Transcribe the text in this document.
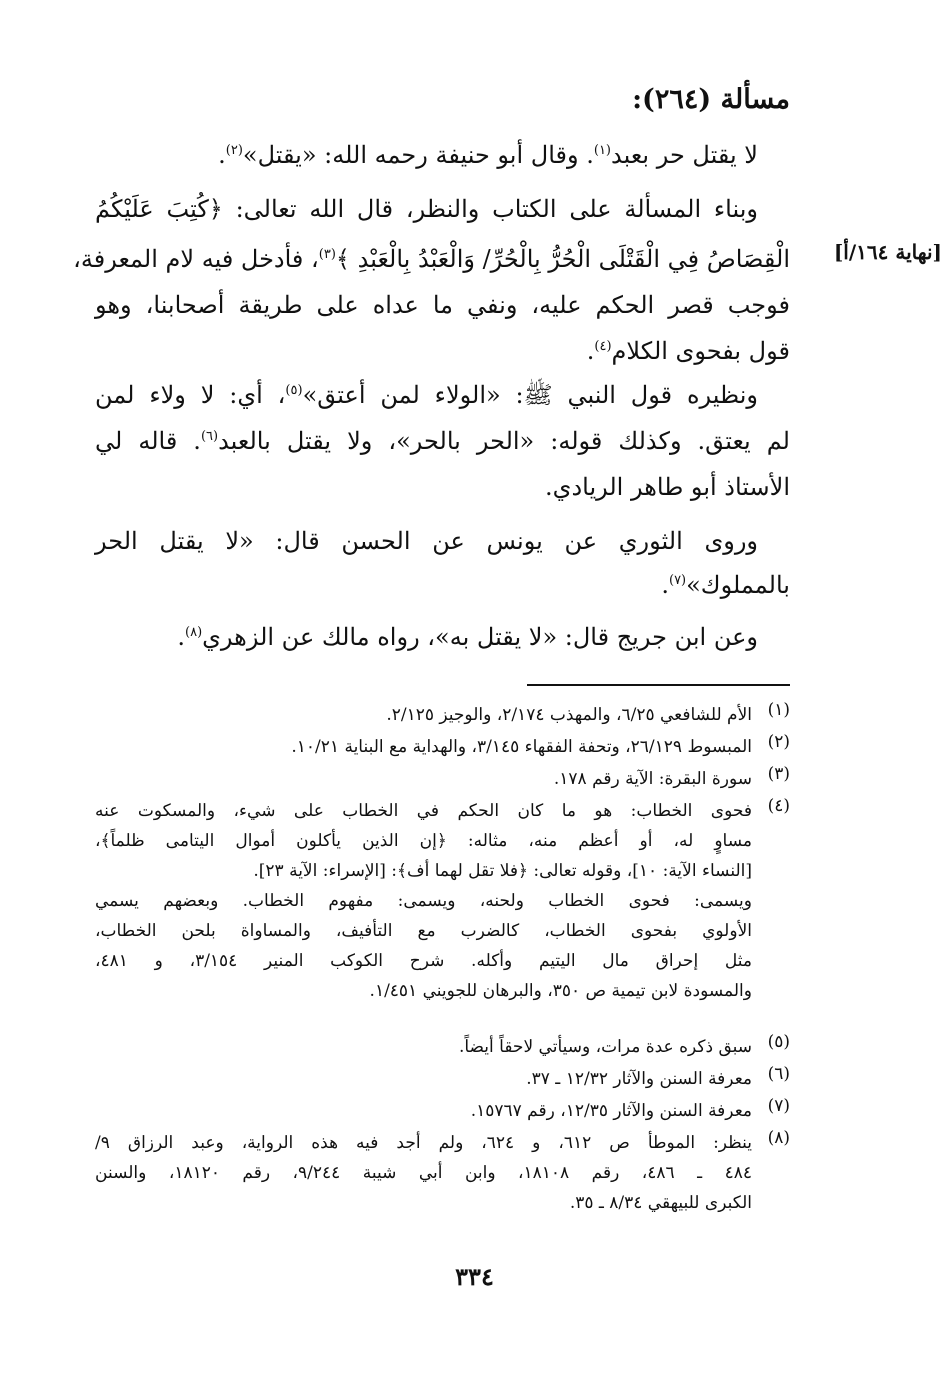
مسألة (٢٦٤):
[نهاية ١٦٤/أ]
لا يقتل حر بعبد$^{(١)}$. وقال أبو حنيفة رحمه الله: «يقتل»$^{(٢)}$.
وبناء المسألة على الكتاب والنظر، قال الله تعالى: ﴿كُتِبَ عَلَيْكُمُ
الْقِصَاصُ فِي الْقَتْلَى الْحُرُّ بِالْحُرِّ/ وَالْعَبْدُ بِالْعَبْدِ ﴾$^{(٣)}$، فأدخل فيه لام المعرفة،
فوجب قصر الحكم عليه، ونفي ما عداه على طريقة أصحابنا، وهو
قول بفحوى الكلام$^{(٤)}$.
ونظيره قول النبي ﷺ: «الولاء لمن أعتق»$^{(٥)}$، أي: لا ولاء لمن
لم يعتق. وكذلك قوله: «الحر بالحر»، ولا يقتل بالعبد$^{(٦)}$. قاله لي
الأستاذ أبو طاهر الريادي.
وروى الثوري عن يونس عن الحسن قال: «لا يقتل الحر
بالمملوك»$^{(٧)}$.
وعن ابن جريج قال: «لا يقتل به»، رواه مالك عن الزهري$^{(٨)}$.
(١)
الأم للشافعي ٦/٢٥، والمهذب ٢/١٧٤، والوجيز ٢/١٢٥.
(٢)
المبسوط ٢٦/١٢٩، وتحفة الفقهاء ٣/١٤٥، والهداية مع البناية ١٠/٢١.
(٣)
سورة البقرة: الآية رقم ١٧٨.
(٤)
فحوى الخطاب: هو ما كان الحكم في الخطاب على شيء، والمسكوت عنه
مساوٍ له، أو أعظم منه، مثاله: ﴿إن الذين يأكلون أموال اليتامى ظلماً﴾،
[النساء الآية: ١٠]، وقوله تعالى: ﴿فلا تقل لهما أف﴾: [الإسراء: الآية ٢٣].
ويسمى: فحوى الخطاب ولحنه، ويسمى: مفهوم الخطاب. وبعضهم يسمي
الأولوي بفحوى الخطاب، كالضرب مع التأفيف، والمساواة بلحن الخطاب،
مثل إحراق مال اليتيم وأكله. شرح الكوكب المنير ٣/١٥٤، و ٤٨١،
والمسودة لابن تيمية ص ٣٥٠، والبرهان للجويني ١/٤٥١.
(٥)
سبق ذكره عدة مرات، وسيأتي لاحقاً أيضاً.
(٦)
معرفة السنن والآثار ١٢/٣٢ ـ ٣٧.
(٧)
معرفة السنن والآثار ١٢/٣٥، رقم ١٥٧٦٧.
(٨)
ينظر: الموطأ ص ٦١٢، و ٦٢٤، ولم أجد فيه هذه الرواية، وعبد الرزاق ٩/
٤٨٤ ـ ٤٨٦، رقم ١٨١٠٨، وابن أبي شيبة ٩/٢٤٤، رقم ١٨١٢٠، والسنن
الكبرى للبيهقي ٨/٣٤ ـ ٣٥.
٣٣٤
